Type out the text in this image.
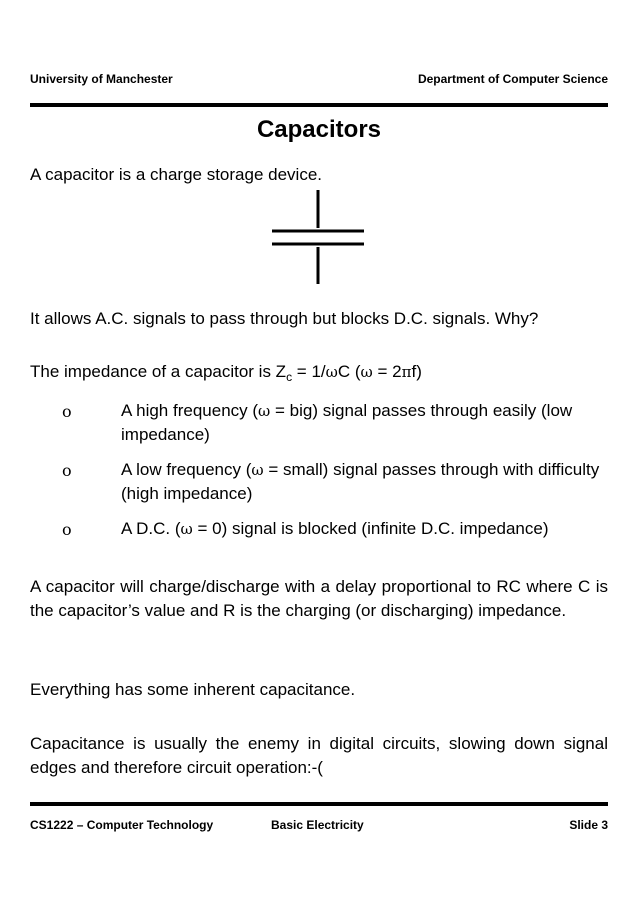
University of Manchester	Department of Computer Science
Capacitors
A capacitor is a charge storage device.
It allows A.C. signals to pass through but blocks D.C. signals. Why?
The impedance of a capacitor is $Z_c = 1/\omega C$ (ω = 2πf)
o	A high frequency (ω = big) signal passes through easily (low impedance)
o	A low frequency (ω = small) signal passes through with difficulty (high impedance)
o	A D.C. (ω = 0) signal is blocked (infinite D.C. impedance)
A capacitor will charge/discharge with a delay proportional to RC where C is the capacitor’s value and R is the charging (or discharging) impedance.
Everything has some inherent capacitance.
Capacitance is usually the enemy in digital circuits, slowing down signal edges and therefore circuit operation:-(
CS1222 – Computer Technology	Basic Electricity	Slide 3
